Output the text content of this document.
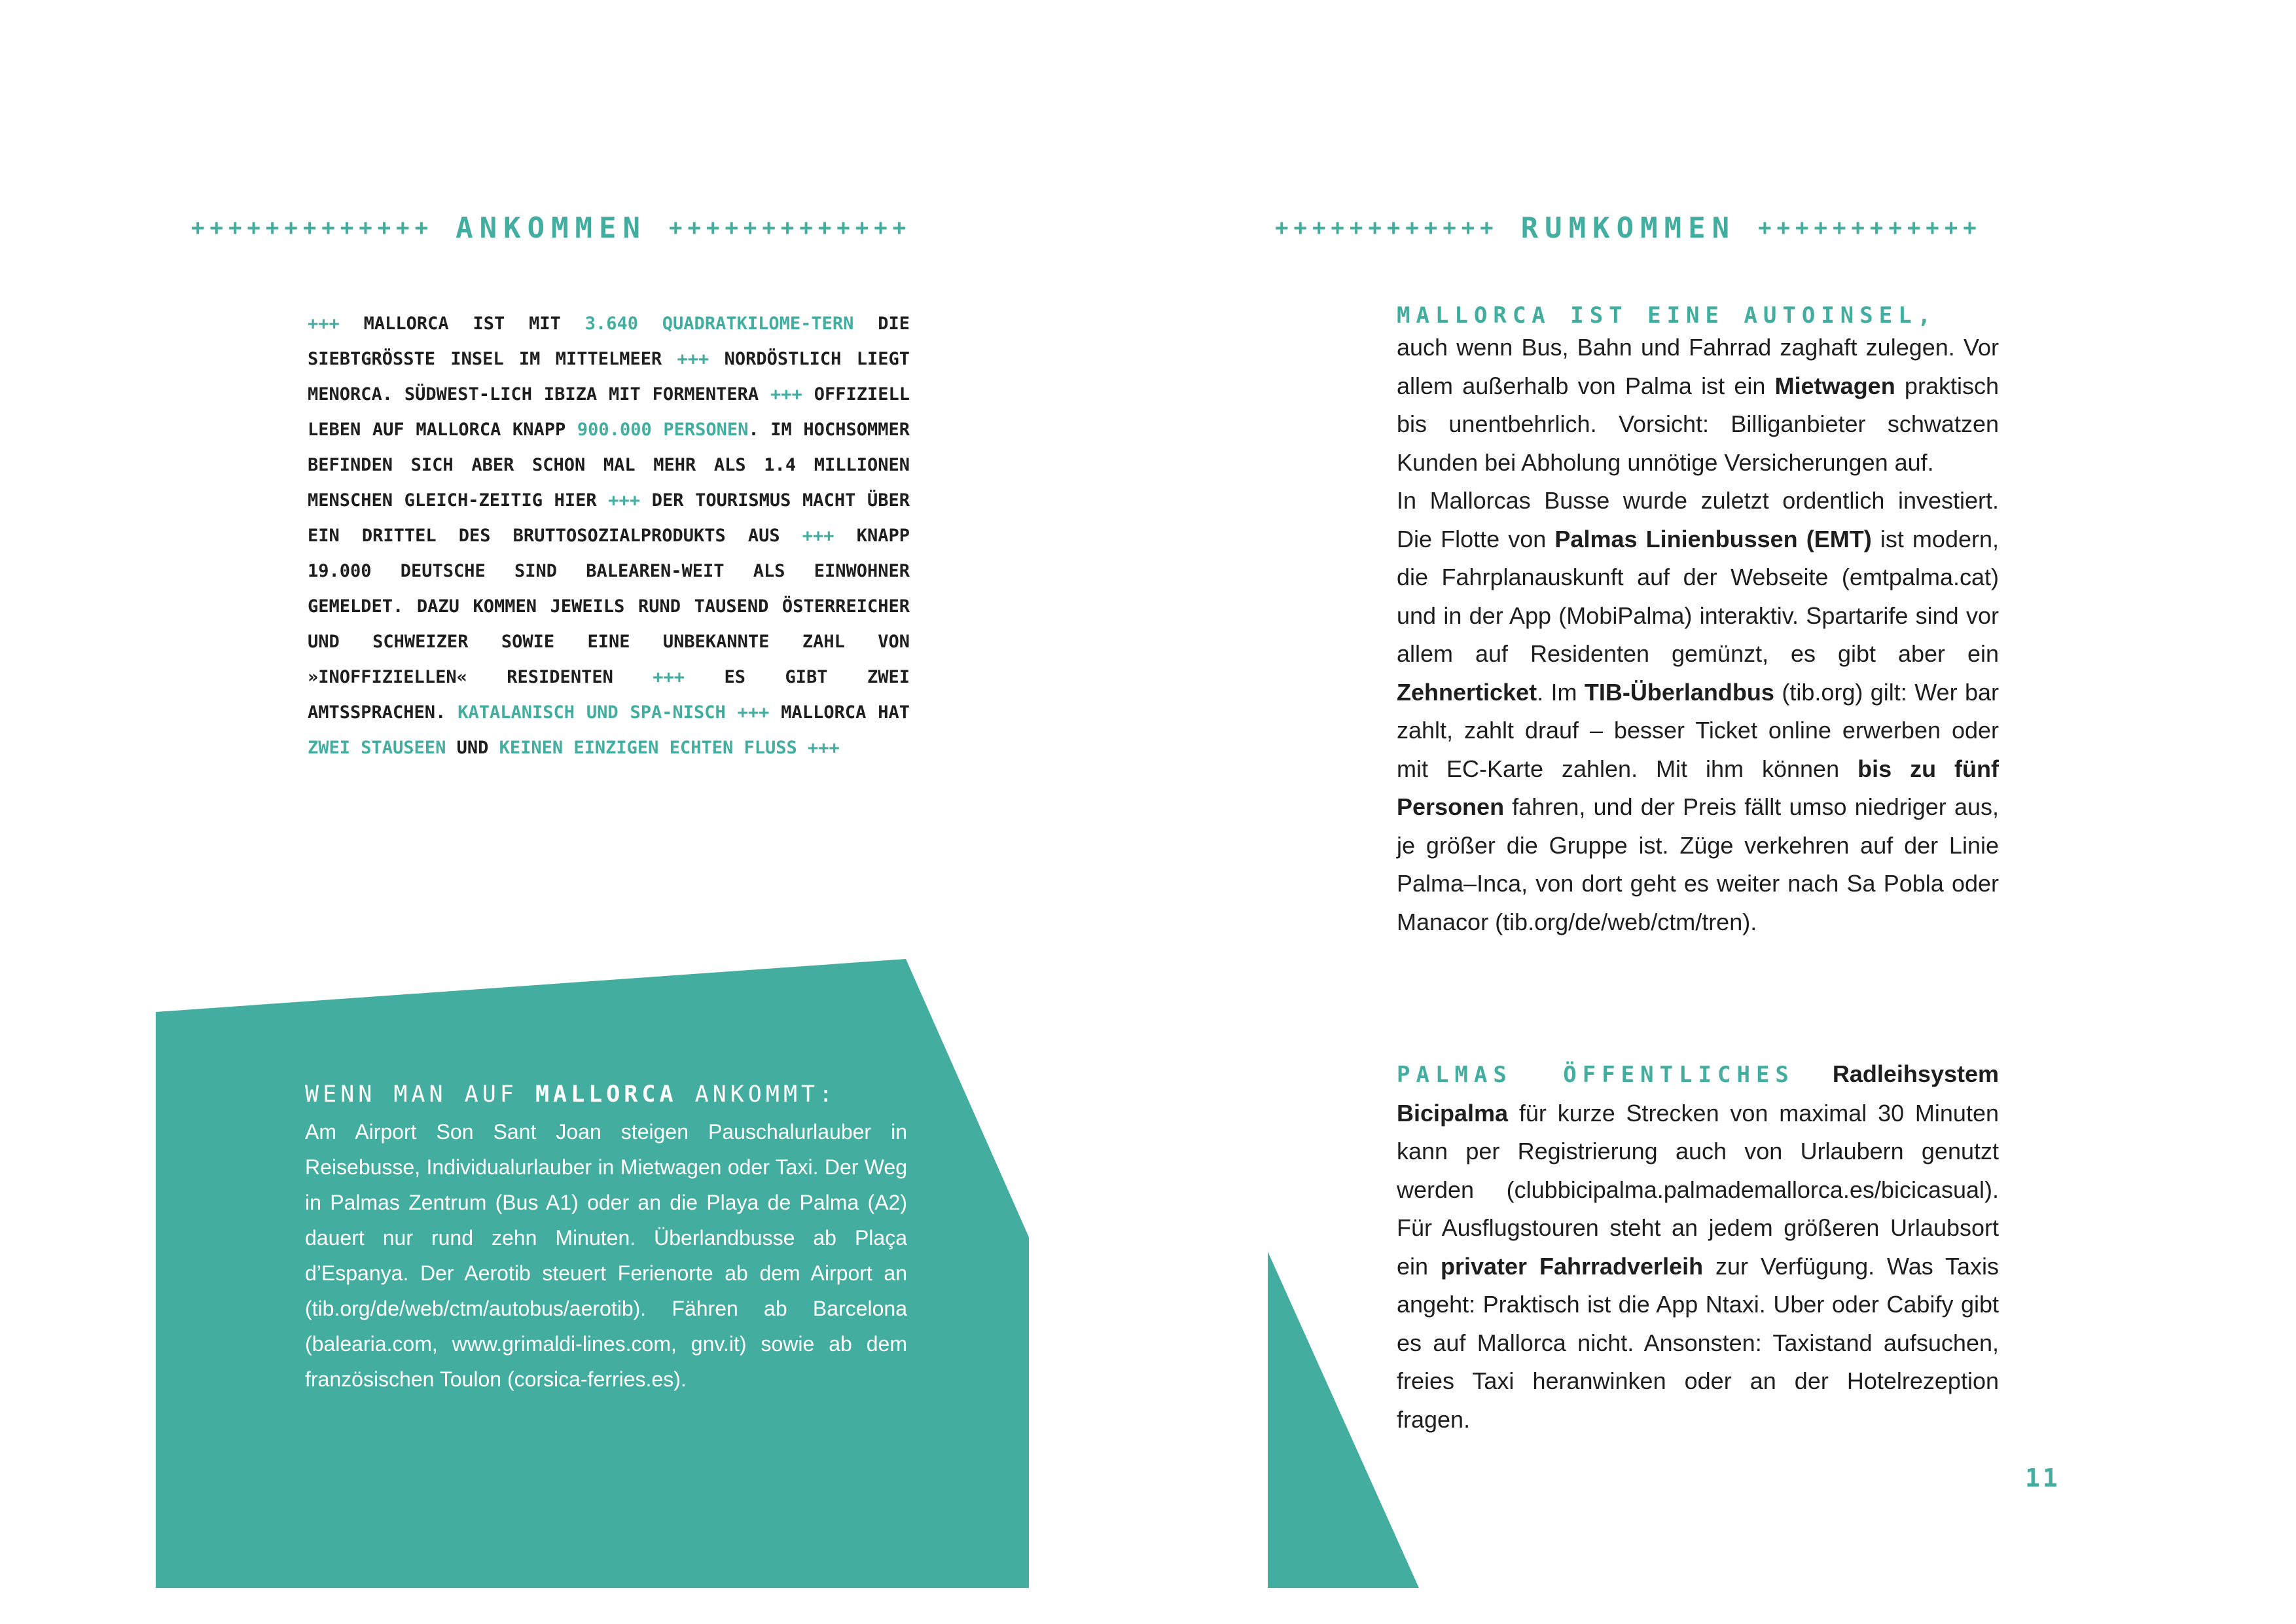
+++++++++++++ ANKOMMEN +++++++++++++	++++++++++++ RUMKOMMEN ++++++++++++
+++ MALLORCA IST MIT 3.640 QUADRATKILOME-TERN DIE SIEBTGRÖSSTE INSEL IM MITTELMEER +++ NORDÖSTLICH LIEGT MENORCA. SÜDWEST-LICH IBIZA MIT FORMENTERA +++ OFFIZIELL LEBEN AUF MALLORCA KNAPP 900.000 PERSONEN. IM HOCHSOMMER BEFINDEN SICH ABER SCHON MAL MEHR ALS 1.4 MILLIONEN MENSCHEN GLEICH-ZEITIG HIER +++ DER TOURISMUS MACHT ÜBER EIN DRITTEL DES BRUTTOSOZIALPRODUKTS AUS +++ KNAPP 19.000 DEUTSCHE SIND BALEAREN-WEIT ALS EINWOHNER GEMELDET. DAZU KOMMEN JEWEILS RUND TAUSEND ÖSTERREICHER UND SCHWEIZER SOWIE EINE UNBEKANNTE ZAHL VON »INOFFIZIELLEN« RESIDENTEN +++ ES GIBT ZWEI AMTSSPRACHEN. KATALANISCH UND SPA-NISCH +++ MALLORCA HAT ZWEI STAUSEEN UND KEINEN EINZIGEN ECHTEN FLUSS +++
WENN MAN AUF MALLORCA ANKOMMT:
Am Airport Son Sant Joan steigen Pauschalurlauber in Reisebusse, Individualurlauber in Mietwagen oder Taxi. Der Weg in Palmas Zentrum (Bus A1) oder an die Playa de Palma (A2) dauert nur rund zehn Minuten. Überlandbusse ab Plaça d’Espanya. Der Aerotib steuert Ferienorte ab dem Airport an (tib.org/de/web/ctm/autobus/aerotib). Fähren ab Barcelona (balearia.com, www.grimaldi-lines.com, gnv.it) sowie ab dem französischen Toulon (corsica-ferries.es).
MALLORCA IST EINE AUTOINSEL,
auch wenn Bus, Bahn und Fahrrad zaghaft zulegen. Vor allem außerhalb von Palma ist ein Mietwagen praktisch bis unentbehrlich. Vorsicht: Billiganbieter schwatzen Kunden bei Abholung unnötige Versicherungen auf.
In Mallorcas Busse wurde zuletzt ordentlich investiert. Die Flotte von Palmas Linienbussen (EMT) ist modern, die Fahrplanauskunft auf der Webseite (emtpalma.cat) und in der App (MobiPalma) interaktiv. Spartarife sind vor allem auf Residenten gemünzt, es gibt aber ein Zehnerticket. Im TIB-Überlandbus (tib.org) gilt: Wer bar zahlt, zahlt drauf – besser Ticket online erwerben oder mit EC-Karte zahlen. Mit ihm können bis zu fünf Personen fahren, und der Preis fällt umso niedriger aus, je größer die Gruppe ist. Züge verkehren auf der Linie Palma–Inca, von dort geht es weiter nach Sa Pobla oder Manacor (tib.org/de/web/ctm/tren).
PALMAS ÖFFENTLICHES Radleihsystem Bicipalma für kurze Strecken von maximal 30 Minuten kann per Registrierung auch von Urlaubern genutzt werden (clubbicipalma.palmademallorca.es/bicicasual). Für Ausflugstouren steht an jedem größeren Urlaubsort ein privater Fahrradverleih zur Verfügung. Was Taxis angeht: Praktisch ist die App Ntaxi. Uber oder Cabify gibt es auf Mallorca nicht. Ansonsten: Taxistand aufsuchen, freies Taxi heranwinken oder an der Hotelrezeption fragen.
11
